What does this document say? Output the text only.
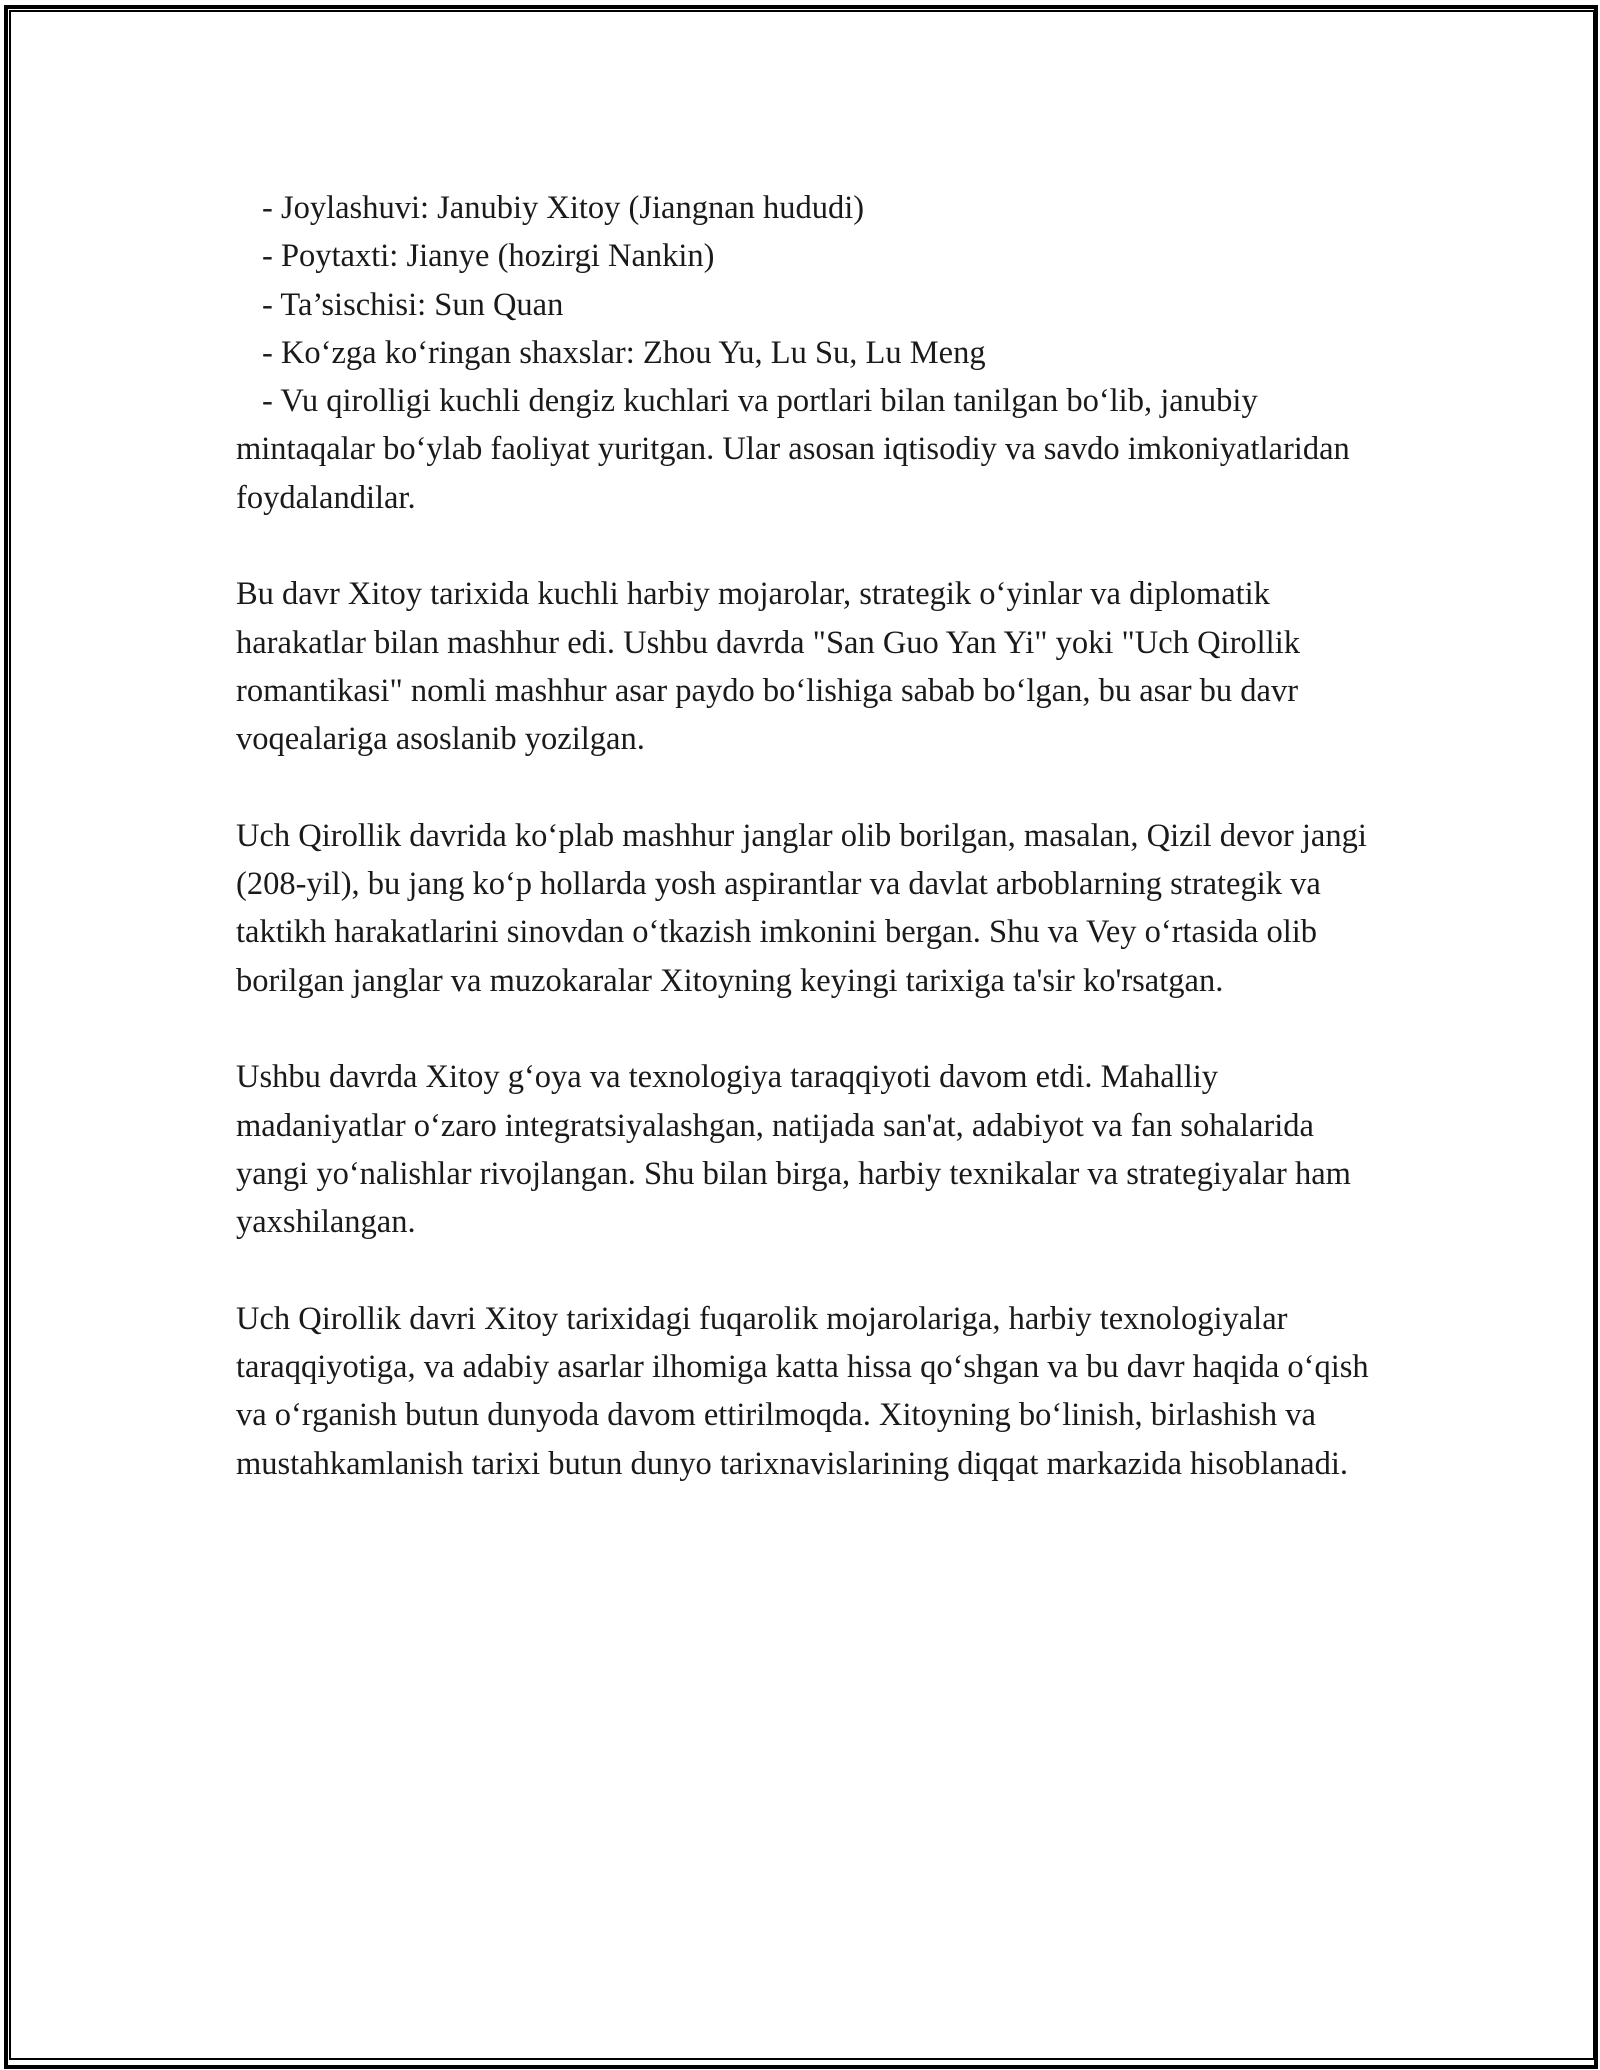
- Joylashuvi: Janubiy Xitoy (Jiangnan hududi)

- Poytaxti: Jianye (hozirgi Nankin)

- Ta’sischisi: Sun Quan

- Ko‘zga ko‘ringan shaxslar: Zhou Yu, Lu Su, Lu Meng

- Vu qirolligi kuchli dengiz kuchlari va portlari bilan tanilgan bo‘lib, janubiy mintaqalar bo‘ylab faoliyat yuritgan. Ular asosan iqtisodiy va savdo imkoniyatlaridan foydalandilar.

Bu davr Xitoy tarixida kuchli harbiy mojarolar, strategik o‘yinlar va diplomatik harakatlar bilan mashhur edi. Ushbu davrda "San Guo Yan Yi" yoki "Uch Qirollik romantikasi" nomli mashhur asar paydo bo‘lishiga sabab bo‘lgan, bu asar bu davr voqealariga asoslanib yozilgan.

Uch Qirollik davrida ko‘plab mashhur janglar olib borilgan, masalan, Qizil devor jangi (208-yil), bu jang ko‘p hollarda yosh aspirantlar va davlat arboblarning strategik va taktikh harakatlarini sinovdan o‘tkazish imkonini bergan. Shu va Vey o‘rtasida olib borilgan janglar va muzokaralar Xitoyning keyingi tarixiga ta'sir ko'rsatgan.

Ushbu davrda Xitoy g‘oya va texnologiya taraqqiyoti davom etdi. Mahalliy madaniyatlar o‘zaro integratsiyalashgan, natijada san'at, adabiyot va fan sohalarida yangi yo‘nalishlar rivojlangan. Shu bilan birga, harbiy texnikalar va strategiyalar ham yaxshilangan.

Uch Qirollik davri Xitoy tarixidagi fuqarolik mojarolariga, harbiy texnologiyalar taraqqiyotiga, va adabiy asarlar ilhomiga katta hissa qo‘shgan va bu davr haqida o‘qish va o‘rganish butun dunyoda davom ettirilmoqda. Xitoyning bo‘linish, birlashish va mustahkamlanish tarixi butun dunyo tarixnavislarining diqqat markazida hisoblanadi.
